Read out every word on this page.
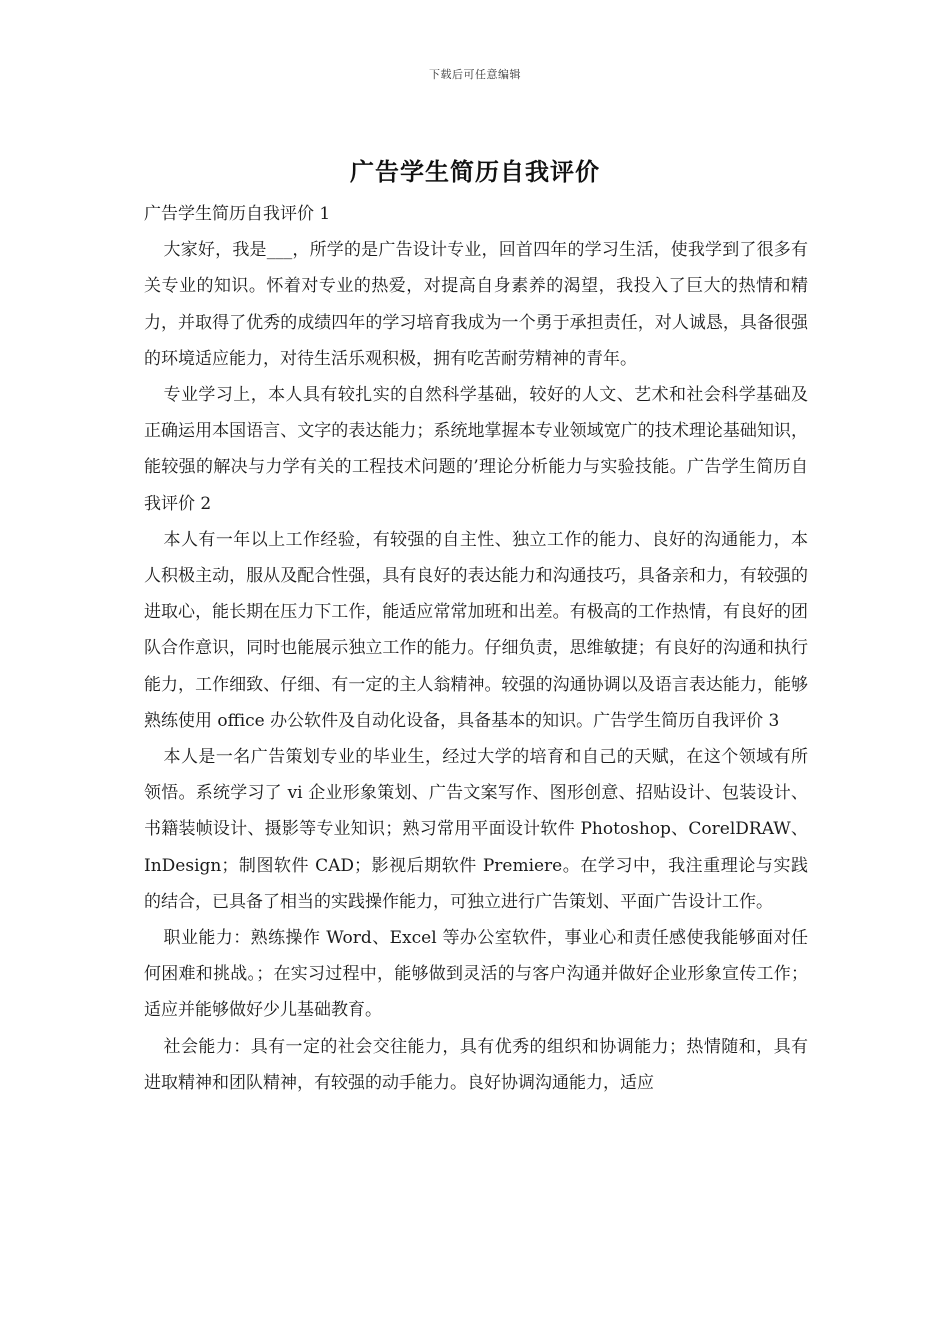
下载后可任意编辑
广告学生简历自我评价

广告学生简历自我评价 1

大家好，我是___，所学的是广告设计专业，回首四年的学习生活，使我学到了很多有关专业的知识。怀着对专业的热爱，对提高自身素养的渴望，我投入了巨大的热情和精力，并取得了优秀的成绩四年的学习培育我成为一个勇于承担责任，对人诚恳，具备很强的环境适应能力，对待生活乐观积极，拥有吃苦耐劳精神的青年。

专业学习上，本人具有较扎实的自然科学基础，较好的人文、艺术和社会科学基础及正确运用本国语言、文字的表达能力；系统地掌握本专业领域宽广的技术理论基础知识，能较强的解决与力学有关的工程技术问题的’理论分析能力与实验技能。广告学生简历自我评价 2

本人有一年以上工作经验，有较强的自主性、独立工作的能力、良好的沟通能力，本人积极主动，服从及配合性强，具有良好的表达能力和沟通技巧，具备亲和力，有较强的进取心，能长期在压力下工作，能适应常常加班和出差。有极高的工作热情，有良好的团队合作意识，同时也能展示独立工作的能力。仔细负责，思维敏捷；有良好的沟通和执行能力，工作细致、仔细、有一定的主人翁精神。较强的沟通协调以及语言表达能力，能够熟练使用 office 办公软件及自动化设备，具备基本的知识。广告学生简历自我评价 3

本人是一名广告策划专业的毕业生，经过大学的培育和自己的天赋，在这个领域有所领悟。系统学习了 vi 企业形象策划、广告文案写作、图形创意、招贴设计、包装设计、书籍装帧设计、摄影等专业知识；熟习常用平面设计软件 Photoshop、CorelDRAW、InDesign；制图软件 CAD；影视后期软件 Premiere。在学习中，我注重理论与实践的结合，已具备了相当的实践操作能力，可独立进行广告策划、平面广告设计工作。

职业能力：熟练操作 Word、Excel 等办公室软件，事业心和责任感使我能够面对任何困难和挑战。；在实习过程中，能够做到灵活的与客户沟通并做好企业形象宣传工作；适应并能够做好少儿基础教育。

社会能力：具有一定的社会交往能力，具有优秀的组织和协调能力；热情随和，具有进取精神和团队精神，有较强的动手能力。良好协调沟通能力，适应
